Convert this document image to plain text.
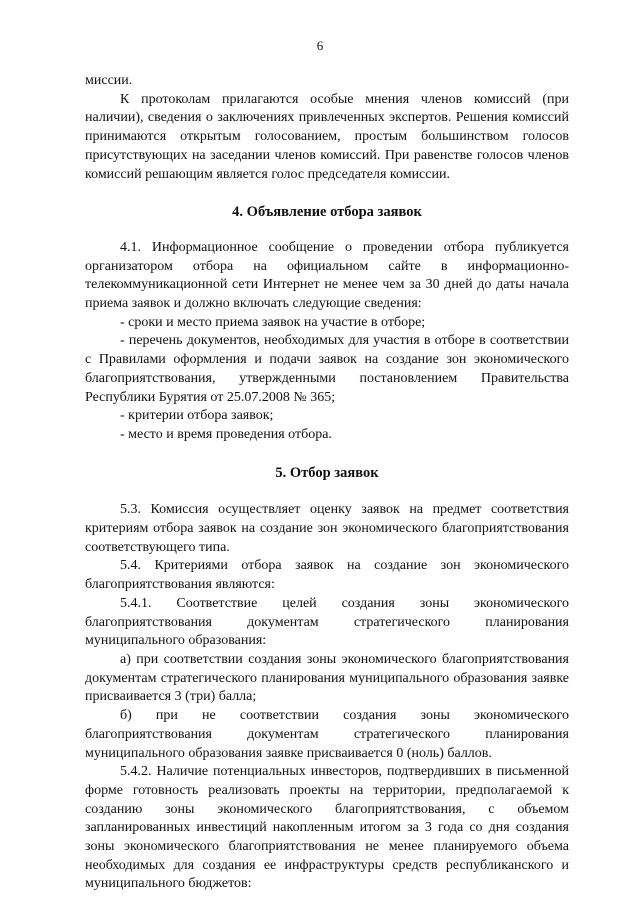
6

миссии.

К протоколам прилагаются особые мнения членов комиссий (при наличии), сведения о заключениях привлеченных экспертов. Решения комиссий принимаются открытым голосованием, простым большинством голосов присутствующих на заседании членов комиссий. При равенстве голосов членов комиссий решающим является голос председателя комиссии.

4. Объявление отбора заявок

4.1. Информационное сообщение о проведении отбора публикуется организатором отбора на официальном сайте в информационно-телекоммуникационной сети Интернет не менее чем за 30 дней до даты начала приема заявок и должно включать следующие сведения:

- сроки и место приема заявок на участие в отборе;

- перечень документов, необходимых для участия в отборе в соответствии с Правилами оформления и подачи заявок на создание зон экономического благоприятствования, утвержденными постановлением Правительства Республики Бурятия от 25.07.2008 № 365;

- критерии отбора заявок;

- место и время проведения отбора.

5. Отбор заявок

5.3. Комиссия осуществляет оценку заявок на предмет соответствия критериям отбора заявок на создание зон экономического благоприятствования соответствующего типа.

5.4. Критериями отбора заявок на создание зон экономического благоприятствования являются:

5.4.1. Соответствие целей создания зоны экономического благоприятствования документам стратегического планирования муниципального образования:

а) при соответствии создания зоны экономического благоприятствования документам стратегического планирования муниципального образования заявке присваивается 3 (три) балла;

б) при не соответствии создания зоны экономического благоприятствования документам стратегического планирования муниципального образования заявке присваивается 0 (ноль) баллов.

5.4.2. Наличие потенциальных инвесторов, подтвердивших в письменной форме готовность реализовать проекты на территории, предполагаемой к созданию зоны экономического благоприятствования, с объемом запланированных инвестиций накопленным итогом за 3 года со дня создания зоны экономического благоприятствования не менее планируемого объема необходимых для создания ее инфраструктуры средств республиканского и муниципального бюджетов:
